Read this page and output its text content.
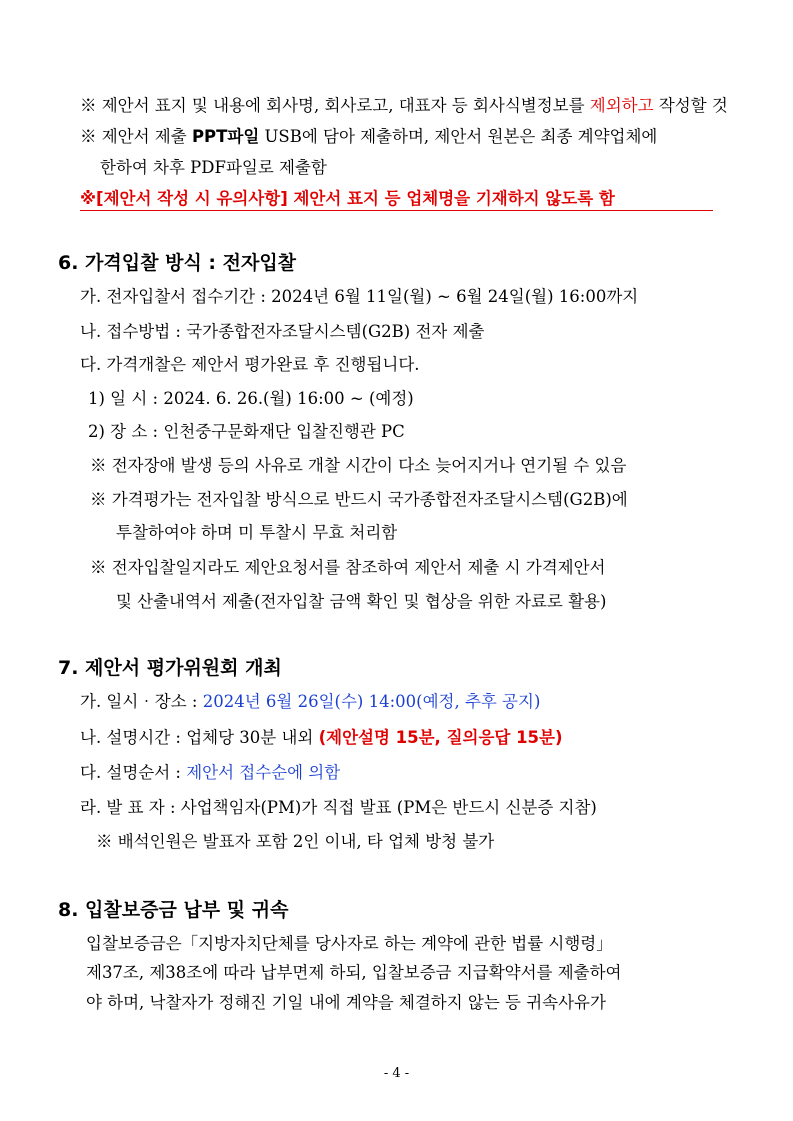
※ 제안서 표지 및 내용에 회사명, 회사로고, 대표자 등 회사식별정보를 제외하고 작성할 것
※ 제안서 제출 PPT파일 USB에 담아 제출하며, 제안서 원본은 최종 계약업체에
한하여 차후 PDF파일로 제출함
※[제안서 작성 시 유의사항] 제안서 표지 등 업체명을 기재하지 않도록 함
6. 가격입찰 방식 : 전자입찰
가. 전자입찰서 접수기간 : 2024년 6월 11일(월) ~ 6월 24일(월) 16:00까지
나. 접수방법 : 국가종합전자조달시스템(G2B) 전자 제출
다. 가격개찰은 제안서 평가완료 후 진행됩니다.
1) 일 시 : 2024. 6. 26.(월) 16:00 ~ (예정)
2) 장 소 : 인천중구문화재단 입찰진행관 PC
※ 전자장애 발생 등의 사유로 개찰 시간이 다소 늦어지거나 연기될 수 있음
※ 가격평가는 전자입찰 방식으로 반드시 국가종합전자조달시스템(G2B)에
투찰하여야 하며 미 투찰시 무효 처리함
※ 전자입찰일지라도 제안요청서를 참조하여 제안서 제출 시 가격제안서
및 산출내역서 제출(전자입찰 금액 확인 및 협상을 위한 자료로 활용)
7. 제안서 평가위원회 개최
가. 일시‧장소 : 2024년 6월 26일(수) 14:00(예정, 추후 공지)
나. 설명시간 : 업체당 30분 내외 (제안설명 15분, 질의응답 15분)
다. 설명순서 : 제안서 접수순에 의함
라. 발 표 자 : 사업책임자(PM)가 직접 발표 (PM은 반드시 신분증 지참)
※ 배석인원은 발표자 포함 2인 이내, 타 업체 방청 불가
8. 입찰보증금 납부 및 귀속
입찰보증금은「지방자치단체를 당사자로 하는 계약에 관한 법률 시행령」
제37조, 제38조에 따라 납부면제 하되, 입찰보증금 지급확약서를 제출하여
야 하며, 낙찰자가 정해진 기일 내에 계약을 체결하지 않는 등 귀속사유가
- 4 -
